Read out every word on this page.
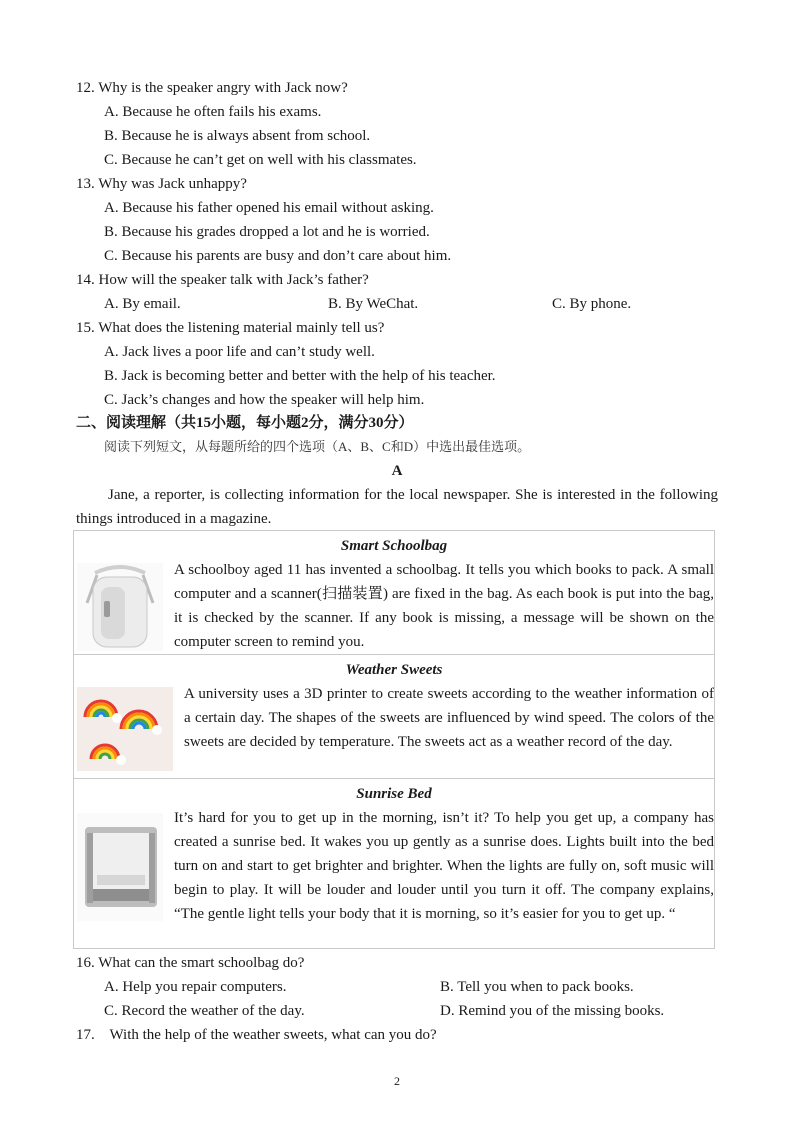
12. Why is the speaker angry with Jack now?
A. Because he often fails his exams.
B. Because he is always absent from school.
C. Because he can’t get on well with his classmates.
13. Why was Jack unhappy?
A. Because his father opened his email without asking.
B. Because his grades dropped a lot and he is worried.
C. Because his parents are busy and don’t care about him.
14. How will the speaker talk with Jack’s father?
A. By email.	B. By WeChat.	C. By phone.
15. What does the listening material mainly tell us?
A. Jack lives a poor life and can’t study well.
B. Jack is becoming better and better with the help of his teacher.
C. Jack’s changes and how the speaker will help him.
二、阅读理解（共15小题，每小题2分，满分30分）
阅读下列短文，从每题所给的四个选项（A、B、C和D）中选出最佳选项。
A
Jane, a reporter, is collecting information for the local newspaper. She is interested in the following things introduced in a magazine.
Smart Schoolbag
A schoolboy aged 11 has invented a schoolbag. It tells you which books to pack. A small computer and a scanner(扫描装置) are fixed in the bag. As each book is put into the bag, it is checked by the scanner. If any book is missing, a message will be shown on the computer screen to remind you.
Weather Sweets
A university uses a 3D printer to create sweets according to the weather information of a certain day. The shapes of the sweets are influenced by wind speed. The colors of the sweets are decided by temperature. The sweets act as a weather record of the day.
Sunrise Bed
It’s hard for you to get up in the morning, isn’t it? To help you get up, a company has created a sunrise bed. It wakes you up gently as a sunrise does. Lights built into the bed turn on and start to get brighter and brighter. When the lights are fully on, soft music will begin to play. It will be louder and louder until you turn it off. The company explains, “The gentle light tells your body that it is morning, so it’s easier for you to get up. “
16. What can the smart schoolbag do?
A. Help you repair computers.	B. Tell you when to pack books.
C. Record the weather of the day.	D. Remind you of the missing books.
17.    With the help of the weather sweets, what can you do?
2
